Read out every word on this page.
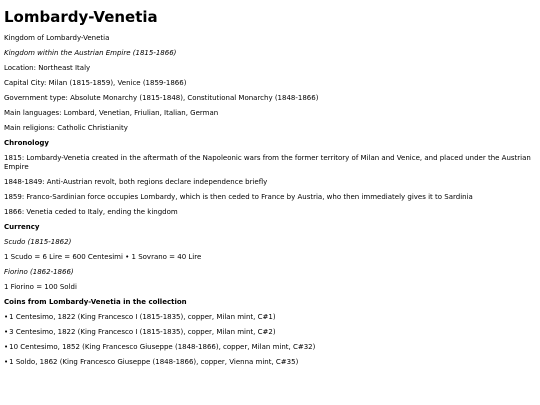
Lombardy-Venetia

Kingdom of Lombardy-Venetia

Kingdom within the Austrian Empire (1815-1866)

Location: Northeast Italy

Capital City: Milan (1815-1859), Venice (1859-1866)

Government type: Absolute Monarchy (1815-1848), Constitutional Monarchy (1848-1866)

Main languages: Lombard, Venetian, Friulian, Italian, German

Main religions: Catholic Christianity

Chronology

1815: Lombardy-Venetia created in the aftermath of the Napoleonic wars from the former territory of Milan and Venice, and placed under the Austrian Empire

1848-1849: Anti-Austrian revolt, both regions declare independence briefly

1859: Franco-Sardinian force occupies Lombardy, which is then ceded to France by Austria, who then immediately gives it to Sardinia

1866: Venetia ceded to Italy, ending the kingdom

Currency

Scudo (1815-1862)

1 Scudo = 6 Lire = 600 Centesimi • 1 Sovrano = 40 Lire

Fiorino (1862-1866)

1 Fiorino = 100 Soldi

Coins from Lombardy-Venetia in the collection
•1 Centesimo, 1822 (King Francesco I (1815-1835), copper, Milan mint, C#1)
•3 Centesimo, 1822 (King Francesco I (1815-1835), copper, Milan mint, C#2)
•10 Centesimo, 1852 (King Francesco Giuseppe (1848-1866), copper, Milan mint, C#32)
•1 Soldo, 1862 (King Francesco Giuseppe (1848-1866), copper, Vienna mint, C#35)
